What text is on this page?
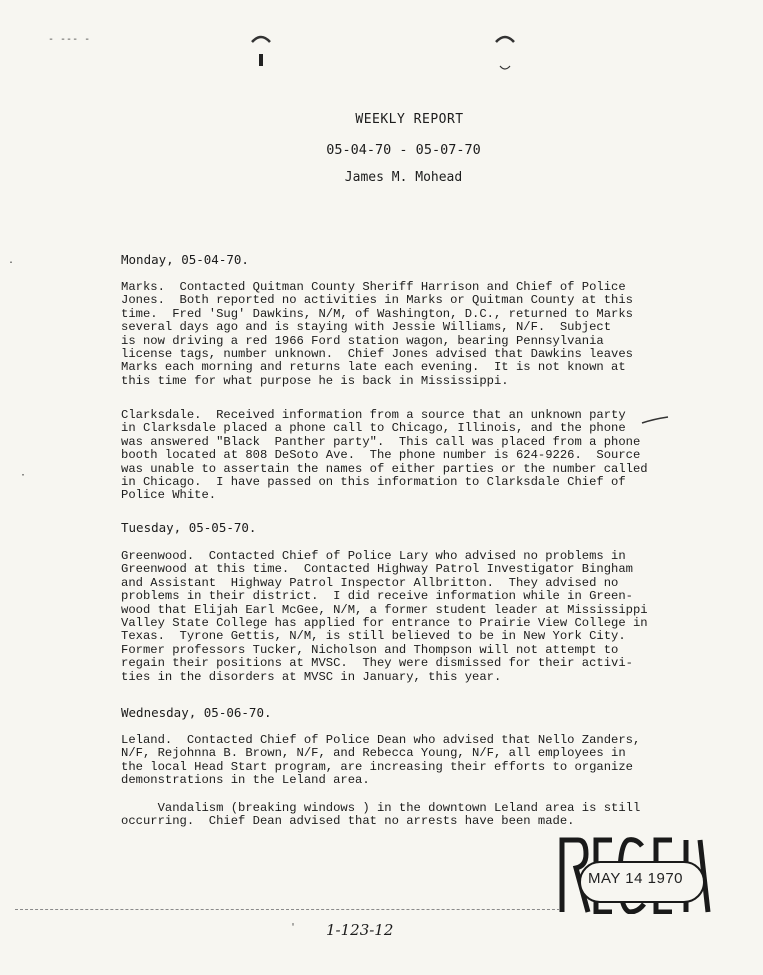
- --- -
.
·
WEEKLY REPORT
05-04-70 - 05-07-70
James M. Mohead
Monday, 05-04-70.
Marks.  Contacted Quitman County Sheriff Harrison and Chief of Police
Jones.  Both reported no activities in Marks or Quitman County at this
time.  Fred 'Sug' Dawkins, N/M, of Washington, D.C., returned to Marks
several days ago and is staying with Jessie Williams, N/F.  Subject
is now driving a red 1966 Ford station wagon, bearing Pennsylvania
license tags, number unknown.  Chief Jones advised that Dawkins leaves
Marks each morning and returns late each evening.  It is not known at
this time for what purpose he is back in Mississippi.
Clarksdale.  Received information from a source that an unknown party
in Clarksdale placed a phone call to Chicago, Illinois, and the phone
was answered "Black  Panther party".  This call was placed from a phone
booth located at 808 DeSoto Ave.  The phone number is 624-9226.  Source
was unable to assertain the names of either parties or the number called
in Chicago.  I have passed on this information to Clarksdale Chief of
Police White.
Tuesday, 05-05-70.
Greenwood.  Contacted Chief of Police Lary who advised no problems in
Greenwood at this time.  Contacted Highway Patrol Investigator Bingham
and Assistant  Highway Patrol Inspector Allbritton.  They advised no
problems in their district.  I did receive information while in Green-
wood that Elijah Earl McGee, N/M, a former student leader at Mississippi
Valley State College has applied for entrance to Prairie View College in
Texas.  Tyrone Gettis, N/M, is still believed to be in New York City.
Former professors Tucker, Nicholson and Thompson will not attempt to
regain their positions at MVSC.  They were dismissed for their activi-
ties in the disorders at MVSC in January, this year.
Wednesday, 05-06-70.
Leland.  Contacted Chief of Police Dean who advised that Nello Zanders,
N/F, Rejohnna B. Brown, N/F, and Rebecca Young, N/F, all employees in
the local Head Start program, are increasing their efforts to organize
demonstrations in the Leland area.
Vandalism (breaking windows ) in the downtown Leland area is still
occurring.  Chief Dean advised that no arrests have been made.
MAY 14 1970
' 1-123-12
